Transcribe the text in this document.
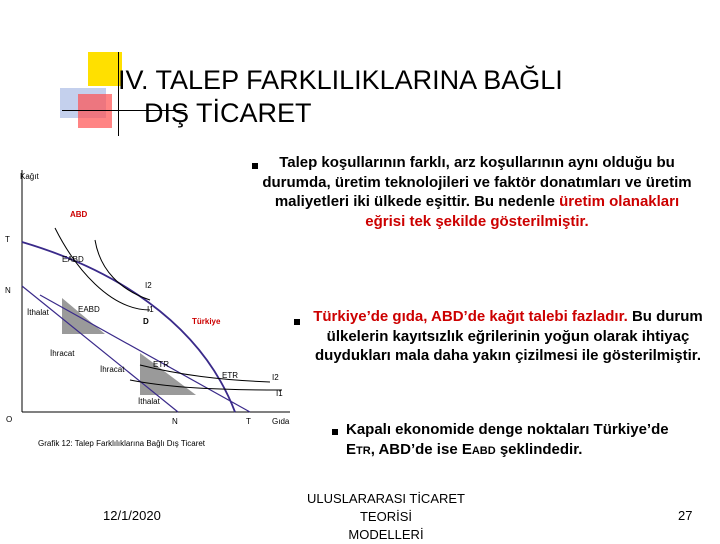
IV. TALEP FARKLILIKLARINA BAĞLI
DIŞ TİCARET
Kağıt
ABD
T
EABD
N
I2
I1
İthalat	EABD
D	Türkiye
İhracat
İhracat
ETR
ETR	I2
I1
İthalat
O	N	T	Gıda
Grafik 12: Talep Farklılıklarına Bağlı Dış Ticaret
Talep koşullarının farklı, arz koşullarının aynı olduğu bu durumda, üretim teknolojileri ve faktör donatımları ve üretim maliyetleri iki ülkede eşittir. Bu nedenle üretim olanakları eğrisi tek şekilde gösterilmiştir.
Türkiye’de gıda, ABD’de kağıt talebi fazladır. Bu durum ülkelerin kayıtsızlık eğrilerinin yoğun olarak ihtiyaç duydukları mala daha yakın çizilmesi ile gösterilmiştir.
Kapalı ekonomide denge noktaları Türkiye’de ETR, ABD’de ise EABD şeklindedir.
12/1/2020
ULUSLARARASI TİCARET TEORİSİ
MODELLERİ
27
